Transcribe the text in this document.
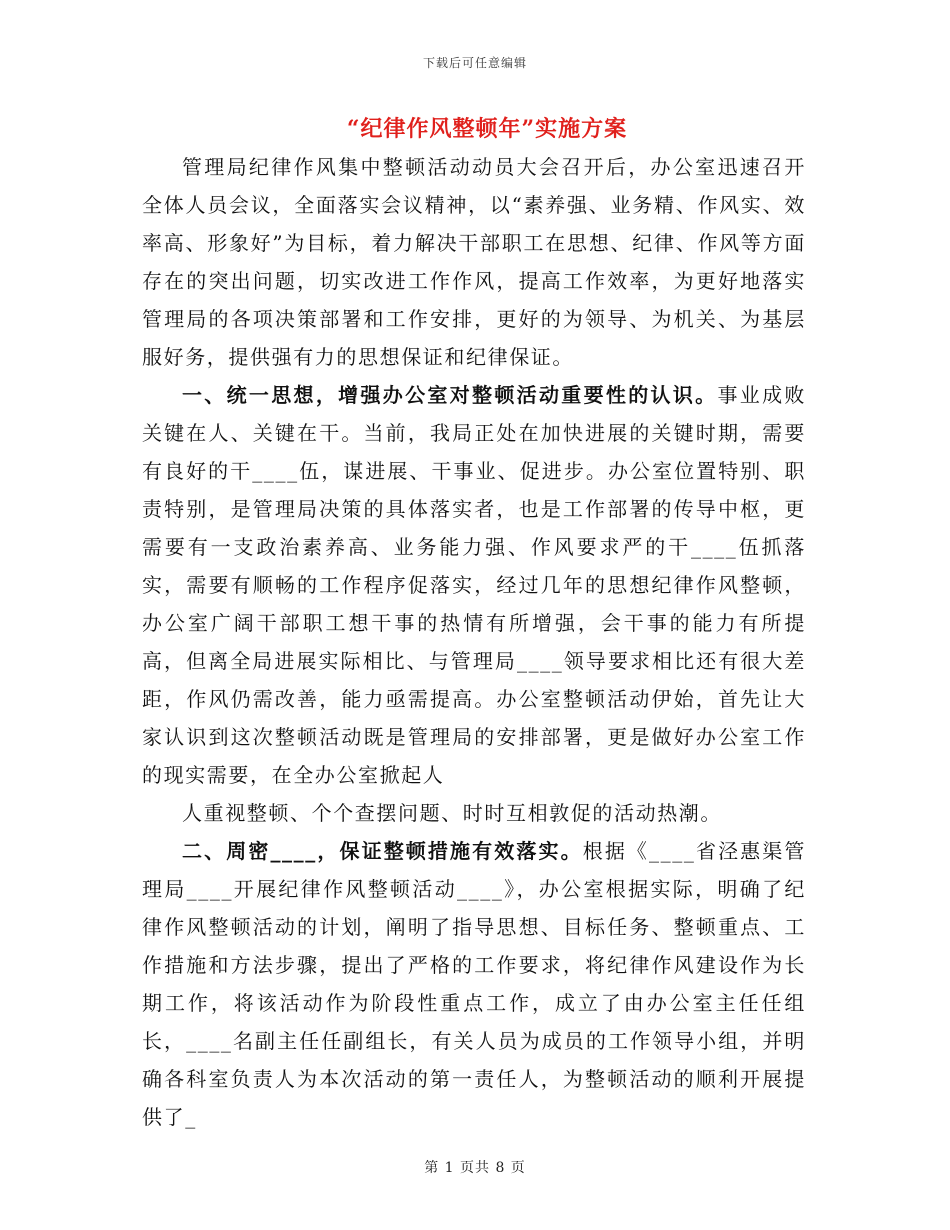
下载后可任意编辑
“纪律作风整顿年”实施方案

管理局纪律作风集中整顿活动动员大会召开后，办公室迅速召开全体人员会议，全面落实会议精神，以“素养强、业务精、作风实、效率高、形象好”为目标，着力解决干部职工在思想、纪律、作风等方面存在的突出问题，切实改进工作作风，提高工作效率，为更好地落实管理局的各项决策部署和工作安排，更好的为领导、为机关、为基层服好务，提供强有力的思想保证和纪律保证。

一、统一思想，增强办公室对整顿活动重要性的认识。事业成败关键在人、关键在干。当前，我局正处在加快进展的关键时期，需要有良好的干____伍，谋进展、干事业、促进步。办公室位置特别、职责特别，是管理局决策的具体落实者，也是工作部署的传导中枢，更需要有一支政治素养高、业务能力强、作风要求严的干____伍抓落实，需要有顺畅的工作程序促落实，经过几年的思想纪律作风整顿，办公室广阔干部职工想干事的热情有所增强，会干事的能力有所提高，但离全局进展实际相比、与管理局____领导要求相比还有很大差距，作风仍需改善，能力亟需提高。办公室整顿活动伊始，首先让大家认识到这次整顿活动既是管理局的安排部署，更是做好办公室工作的现实需要，在全办公室掀起人

人重视整顿、个个查摆问题、时时互相敦促的活动热潮。

二、周密____，保证整顿措施有效落实。根据《____省泾惠渠管理局____开展纪律作风整顿活动____》，办公室根据实际，明确了纪律作风整顿活动的计划，阐明了指导思想、目标任务、整顿重点、工作措施和方法步骤，提出了严格的工作要求，将纪律作风建设作为长期工作，将该活动作为阶段性重点工作，成立了由办公室主任任组长，____名副主任任副组长，有关人员为成员的工作领导小组，并明确各科室负责人为本次活动的第一责任人，为整顿活动的顺利开展提供了_

第 1 页共 8 页
